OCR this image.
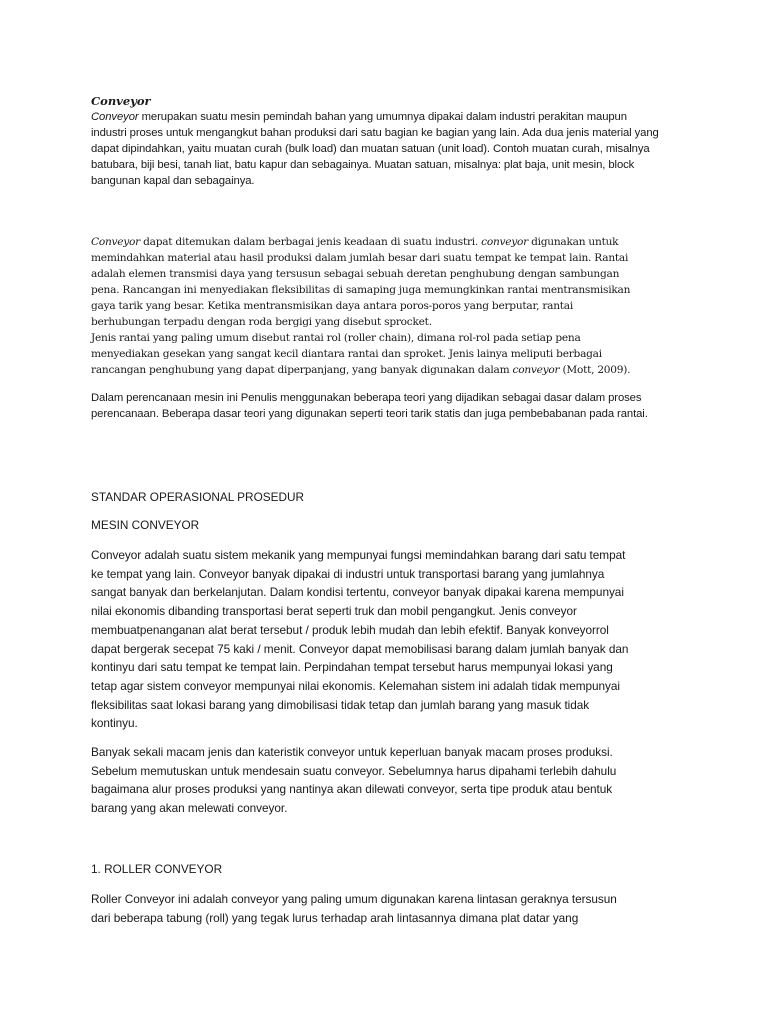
Conveyor
Conveyor merupakan suatu mesin pemindah bahan yang umumnya dipakai dalam industri perakitan maupun
industri proses untuk mengangkut bahan produksi dari satu bagian ke bagian yang lain. Ada dua jenis material yang
dapat dipindahkan, yaitu muatan curah (bulk load) dan muatan satuan (unit load). Contoh muatan curah, misalnya
batubara, biji besi, tanah liat, batu kapur dan sebagainya. Muatan satuan, misalnya: plat baja, unit mesin, block
bangunan kapal dan sebagainya.
Conveyor dapat ditemukan dalam berbagai jenis keadaan di suatu industri. conveyor digunakan untuk
memindahkan material atau hasil produksi dalam jumlah besar dari suatu tempat ke tempat lain. Rantai
adalah elemen transmisi daya yang tersusun sebagai sebuah deretan penghubung dengan sambungan
pena. Rancangan ini menyediakan fleksibilitas di samaping juga memungkinkan rantai mentransmisikan
gaya tarik yang besar. Ketika mentransmisikan daya antara poros-poros yang berputar, rantai
berhubungan terpadu dengan roda bergigi yang disebut sprocket.
Jenis rantai yang paling umum disebut rantai rol (roller chain), dimana rol-rol pada setiap pena
menyediakan gesekan yang sangat kecil diantara rantai dan sproket. Jenis lainya meliputi berbagai
rancangan penghubung yang dapat diperpanjang, yang banyak digunakan dalam conveyor (Mott, 2009).
Dalam perencanaan mesin ini Penulis menggunakan beberapa teori yang dijadikan sebagai dasar dalam proses
perencanaan. Beberapa dasar teori yang digunakan seperti teori tarik statis dan juga pembebabanan pada rantai.
STANDAR OPERASIONAL PROSEDUR
MESIN CONVEYOR
Conveyor adalah suatu sistem mekanik yang mempunyai fungsi memindahkan barang dari satu tempat
ke tempat yang lain. Conveyor banyak dipakai di industri untuk transportasi barang yang jumlahnya
sangat banyak dan berkelanjutan. Dalam kondisi tertentu, conveyor banyak dipakai karena mempunyai
nilai ekonomis dibanding transportasi berat seperti truk dan mobil pengangkut. Jenis conveyor
membuatpenanganan alat berat tersebut / produk lebih mudah dan lebih efektif. Banyak konveyorrol
dapat bergerak secepat 75 kaki / menit. Conveyor dapat memobilisasi barang dalam jumlah banyak dan
kontinyu dari satu tempat ke tempat lain. Perpindahan tempat tersebut harus mempunyai lokasi yang
tetap agar sistem conveyor mempunyai nilai ekonomis. Kelemahan sistem ini adalah tidak mempunyai
fleksibilitas saat lokasi barang yang dimobilisasi tidak tetap dan jumlah barang yang masuk tidak
kontinyu.
Banyak sekali macam jenis dan kateristik conveyor untuk keperluan banyak macam proses produksi.
Sebelum memutuskan untuk mendesain suatu conveyor. Sebelumnya harus dipahami terlebih dahulu
bagaimana alur proses produksi yang nantinya akan dilewati conveyor, serta tipe produk atau bentuk
barang yang akan melewati conveyor.
1. ROLLER CONVEYOR
Roller Conveyor ini adalah conveyor yang paling umum digunakan karena lintasan geraknya tersusun
dari beberapa tabung (roll) yang tegak lurus terhadap arah lintasannya dimana plat datar yang
